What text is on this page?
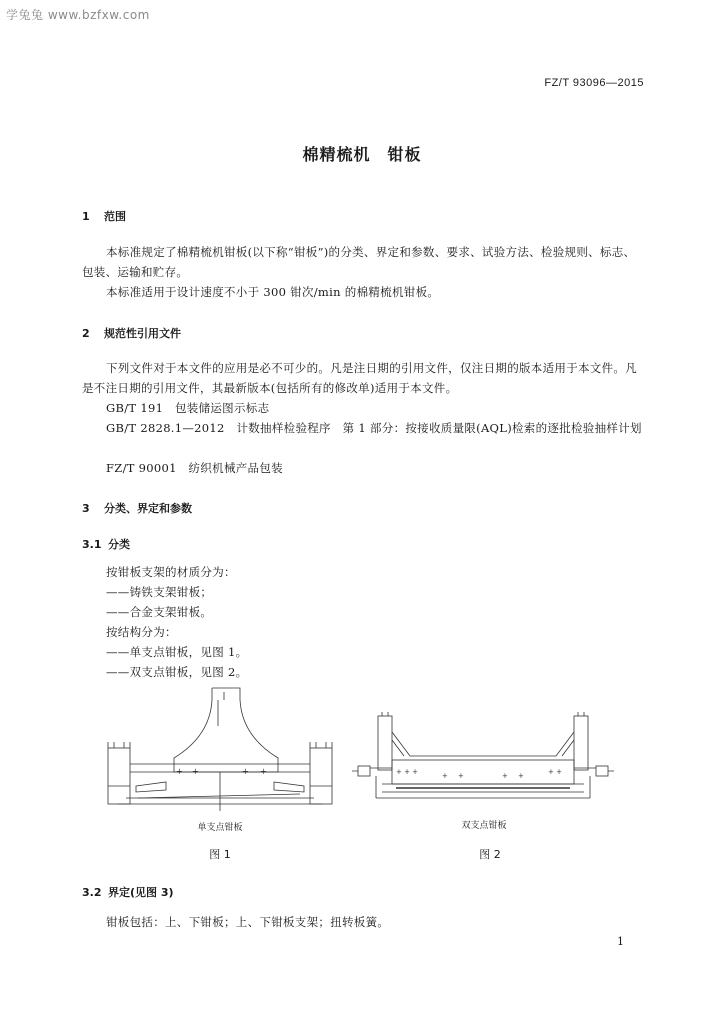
学兔兔 www.bzfxw.com
FZ/T 93096—2015
棉精梳机　钳板
1 范围
本标准规定了棉精梳机钳板(以下称“钳板”)的分类、界定和参数、要求、试验方法、检验规则、标志、包装、运输和贮存。
本标准适用于设计速度不小于 300 钳次/min 的棉精梳机钳板。
2 规范性引用文件
下列文件对于本文件的应用是必不可少的。凡是注日期的引用文件，仅注日期的版本适用于本文件。凡是不注日期的引用文件，其最新版本(包括所有的修改单)适用于本文件。
GB/T 191　包装储运图示标志
GB/T 2828.1—2012　计数抽样检验程序　第 1 部分：按接收质量限(AQL)检索的逐批检验抽样计划
FZ/T 90001　纺织机械产品包装
3 分类、界定和参数
3.1 分类
按钳板支架的材质分为：
——铸铁支架钳板；
——合金支架钳板。
按结构分为：
——单支点钳板，见图 1。
——双支点钳板，见图 2。
+ +	+ +
单支点钳板
图 1
+ + +	+ +	+ +	+ +
双支点钳板
图 2
3.2 界定(见图 3)
钳板包括：上、下钳板；上、下钳板支架；扭转板簧。
1
